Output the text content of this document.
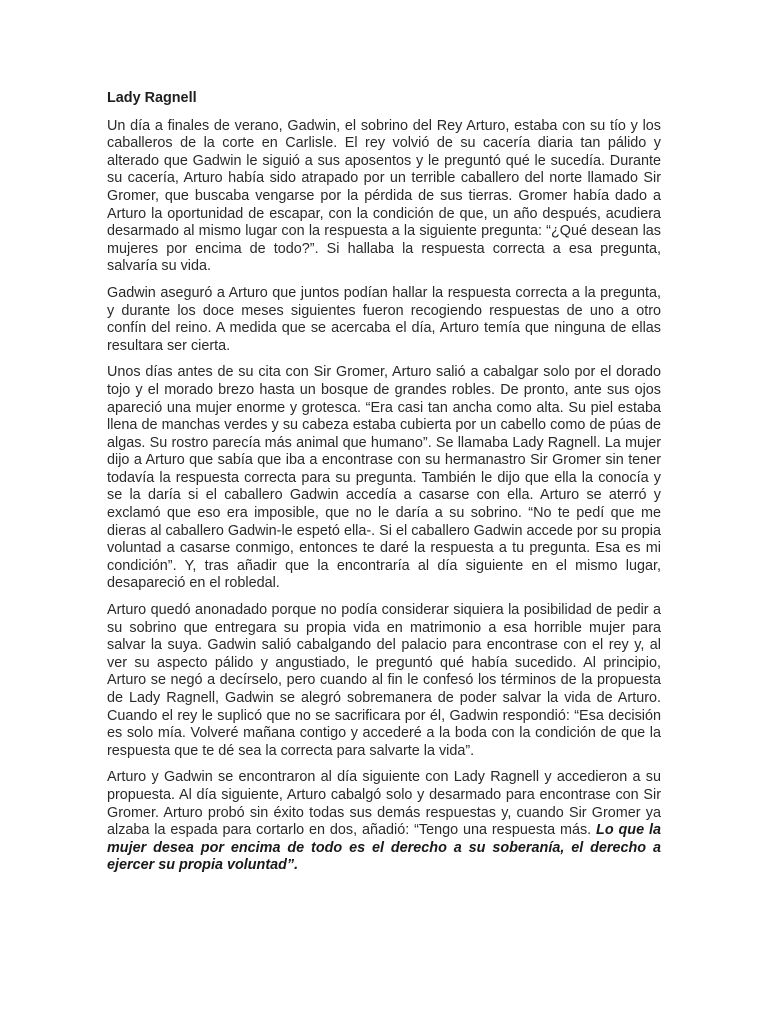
Lady Ragnell

Un día a finales de verano, Gadwin, el sobrino del Rey Arturo, estaba con su tío y los caballeros de la corte en Carlisle. El rey volvió de su cacería diaria tan pálido y alterado que Gadwin le siguió a sus aposentos y le preguntó qué le sucedía. Durante su cacería, Arturo había sido atrapado por un terrible caballero del norte llamado Sir Gromer, que buscaba vengarse por la pérdida de sus tierras. Gromer había dado a Arturo la oportunidad de escapar, con la condición de que, un año después, acudiera desarmado al mismo lugar con la respuesta a la siguiente pregunta: “¿Qué desean las mujeres por encima de todo?”. Si hallaba la respuesta correcta a esa pregunta, salvaría su vida.

Gadwin aseguró a Arturo que juntos podían hallar la respuesta correcta a la pregunta, y durante los doce meses siguientes fueron recogiendo respuestas de uno a otro confín del reino. A medida que se acercaba el día, Arturo temía que ninguna de ellas resultara ser cierta.

Unos días antes de su cita con Sir Gromer, Arturo salió a cabalgar solo por el dorado tojo y el morado brezo hasta un bosque de grandes robles. De pronto, ante sus ojos apareció una mujer enorme y grotesca. “Era casi tan ancha como alta. Su piel estaba llena de manchas verdes y su cabeza estaba cubierta por un cabello como de púas de algas. Su rostro parecía más animal que humano”. Se llamaba Lady Ragnell. La mujer dijo a Arturo que sabía que iba a encontrase con su hermanastro Sir Gromer sin tener todavía la respuesta correcta para su pregunta. También le dijo que ella la conocía y se la daría si el caballero Gadwin accedía a casarse con ella. Arturo se aterró y exclamó que eso era imposible, que no le daría a su sobrino. “No te pedí que me dieras al caballero Gadwin-le espetó ella-. Si el caballero Gadwin accede por su propia voluntad a casarse conmigo, entonces te daré la respuesta a tu pregunta. Esa es mi condición”. Y, tras añadir que la encontraría al día siguiente en el mismo lugar, desapareció en el robledal.

Arturo quedó anonadado porque no podía considerar siquiera la posibilidad de pedir a su sobrino que entregara su propia vida en matrimonio a esa horrible mujer para salvar la suya. Gadwin salió cabalgando del palacio para encontrase con el rey y, al ver su aspecto pálido y angustiado, le preguntó qué había sucedido. Al principio, Arturo se negó a decírselo, pero cuando al fin le confesó los términos de la propuesta de Lady Ragnell, Gadwin se alegró sobremanera de poder salvar la vida de Arturo. Cuando el rey le suplicó que no se sacrificara por él, Gadwin respondió: “Esa decisión es solo mía. Volveré mañana contigo y accederé a la boda con la condición de que la respuesta que te dé sea la correcta para salvarte la vida”.

Arturo y Gadwin se encontraron al día siguiente con Lady Ragnell y accedieron a su propuesta. Al día siguiente, Arturo cabalgó solo y desarmado para encontrase con Sir Gromer. Arturo probó sin éxito todas sus demás respuestas y, cuando Sir Gromer ya alzaba la espada para cortarlo en dos, añadió: “Tengo una respuesta más. Lo que la mujer desea por encima de todo es el derecho a su soberanía, el derecho a ejercer su propia voluntad”.
